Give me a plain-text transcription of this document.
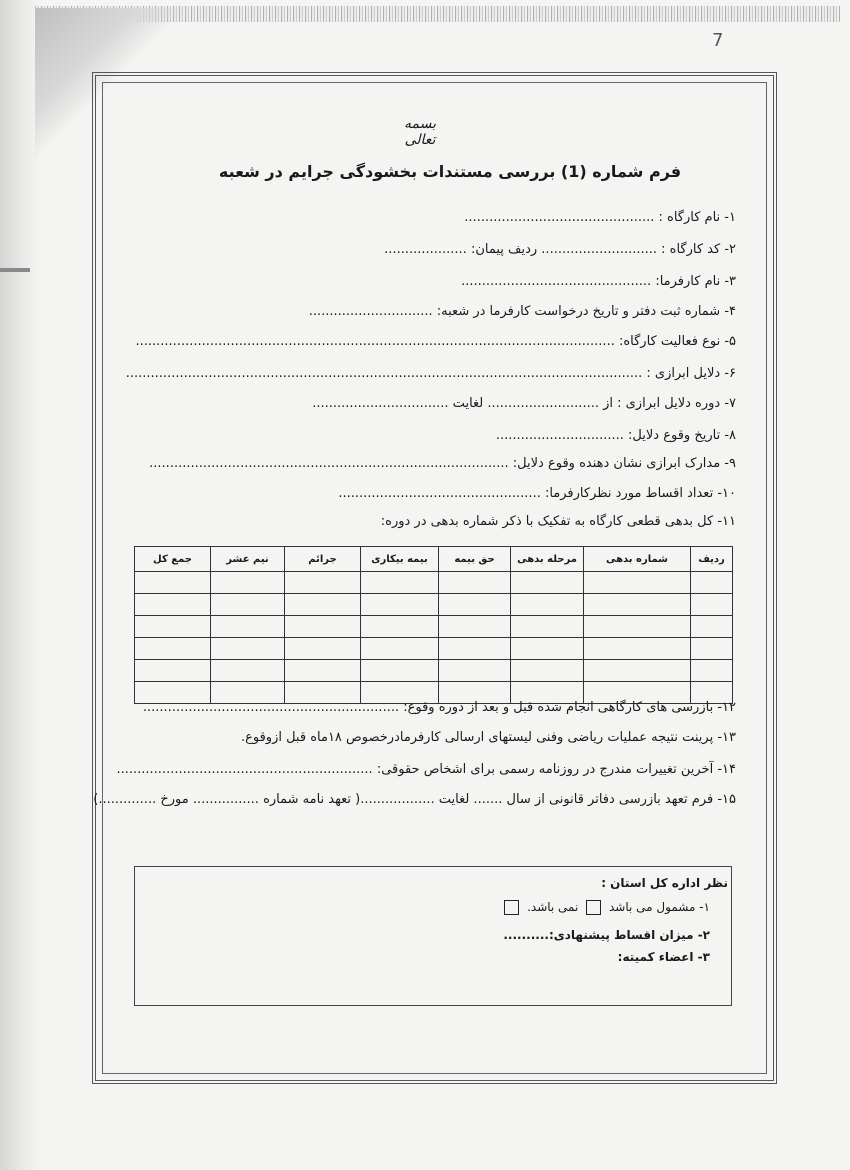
7
بسمه تعالی
فرم شماره (1) بررسی مستندات بخشودگی جرایم در شعبه
۱- نام کارگاه : ..............................................
۲- کد کارگاه : ............................ ردیف پیمان: ....................
۳- نام کارفرما: ..............................................
۴- شماره ثبت دفتر و تاریخ درخواست کارفرما در شعبه: ..............................
۵- نوع فعالیت کارگاه: ....................................................................................................................
۶- دلایل ابرازی : .............................................................................................................................
۷- دوره دلایل ابرازی : از ........................... لغایت .................................
۸- تاریخ وقوع دلایل: ...............................
۹- مدارک ابرازی نشان دهنده وقوع دلایل: .......................................................................................
۱۰- تعداد اقساط مورد نظرکارفرما: .................................................
۱۱- کل بدهی قطعی کارگاه به تفکیک با ذکر شماره بدهی در دوره:
ردیف	شماره بدهی	مرحله بدهی	حق بیمه	بیمه بیکاری	جرائم	نیم عشر	جمع کل

۱۲- بازرسی های کارگاهی انجام شده قبل و بعد از دوره وقوع: ..............................................................
۱۳- پرینت نتیجه عملیات ریاضی وفنی لیستهای ارسالی کارفرمادرخصوص ۱۸ماه قبل ازوقوع.
۱۴- آخرین تغییرات مندرج در روزنامه رسمی برای اشخاص حقوقی: ..............................................................
۱۵- فرم تعهد بازرسی دفاتر قانونی از سال ....... لغایت ..................( تعهد نامه شماره ................ مورخ ..............)
نظر اداره کل استان :
۱- مشمول می باشد  نمی باشد.
۲- میزان اقساط پیشنهادی:..........
۳- اعضاء کمیته:
